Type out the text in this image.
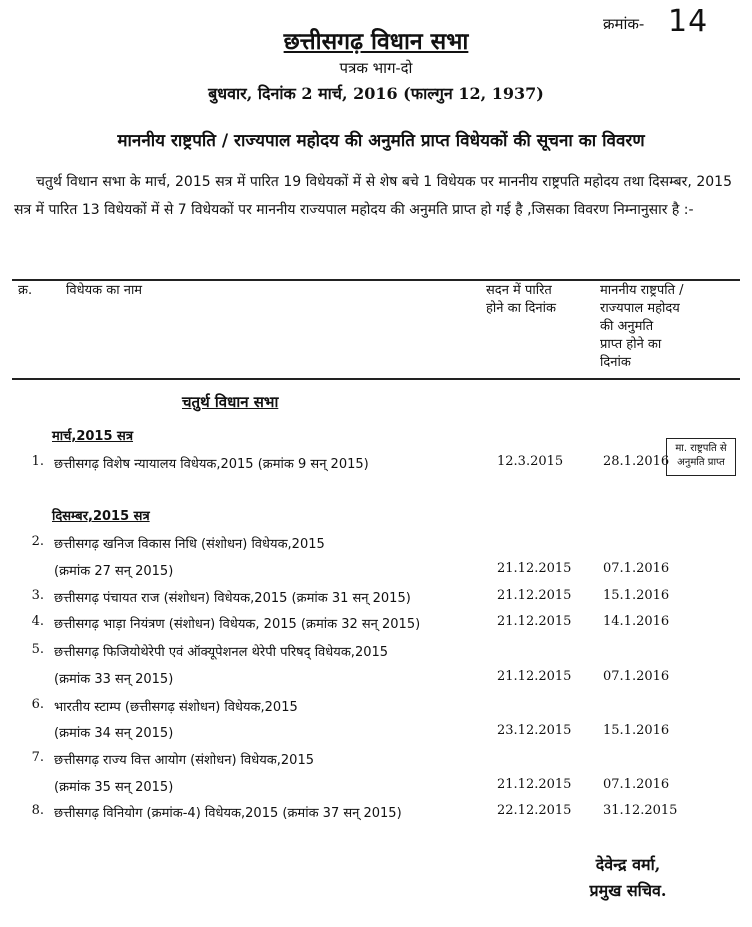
क्रमांक- 14
छत्तीसगढ़ विधान सभा
पत्रक भाग-दो
बुधवार, दिनांक 2 मार्च, 2016 (फाल्गुन 12, 1937)
माननीय राष्ट्रपति / राज्यपाल महोदय की अनुमति प्राप्त विधेयकों की सूचना का विवरण
चतुर्थ विधान सभा के मार्च, 2015 सत्र में पारित 19 विधेयकों में से शेष बचे 1 विधेयक पर माननीय राष्ट्रपति महोदय तथा दिसम्बर, 2015 सत्र में पारित 13 विधेयकों में से 7 विधेयकों पर माननीय राज्यपाल महोदय की अनुमति प्राप्त हो गई है ,जिसका विवरण निम्नानुसार है :-
क्र.	विधेयक का नाम	सदन में पारित
होने का दिनांक
माननीय राष्ट्रपति /
राज्यपाल महोदय
की अनुमति
प्राप्त होने का
दिनांक
चतुर्थ विधान सभा
मार्च,2015 सत्र
1. छत्तीसगढ़ विशेष न्यायालय विधेयक,2015 (क्रमांक 9 सन् 2015)	12.3.2015	28.1.2016
मा. राष्ट्रपति से
अनुमति प्राप्त
दिसम्बर,2015 सत्र
2. छत्तीसगढ़ खनिज विकास निधि (संशोधन) विधेयक,2015
(क्रमांक 27 सन् 2015)	21.12.2015 07.1.2016
3. छत्तीसगढ़ पंचायत राज (संशोधन) विधेयक,2015 (क्रमांक 31 सन् 2015)	21.12.2015 15.1.2016
4. छत्तीसगढ़ भाड़ा नियंत्रण (संशोधन) विधेयक, 2015 (क्रमांक 32 सन् 2015)	21.12.2015 14.1.2016
5. छत्तीसगढ़ फिजियोथेरेपी एवं ऑक्यूपेशनल थेरेपी परिषद् विधेयक,2015
(क्रमांक 33 सन् 2015)	21.12.2015 07.1.2016
6. भारतीय स्टाम्प (छत्तीसगढ़ संशोधन) विधेयक,2015
(क्रमांक 34 सन् 2015)	23.12.2015 15.1.2016
7. छत्तीसगढ़ राज्य वित्त आयोग (संशोधन) विधेयक,2015
(क्रमांक 35 सन् 2015)	21.12.2015 07.1.2016
8. छत्तीसगढ़ विनियोग (क्रमांक-4) विधेयक,2015 (क्रमांक 37 सन् 2015)	22.12.2015 31.12.2015
देवेन्द्र वर्मा,
प्रमुख सचिव.
